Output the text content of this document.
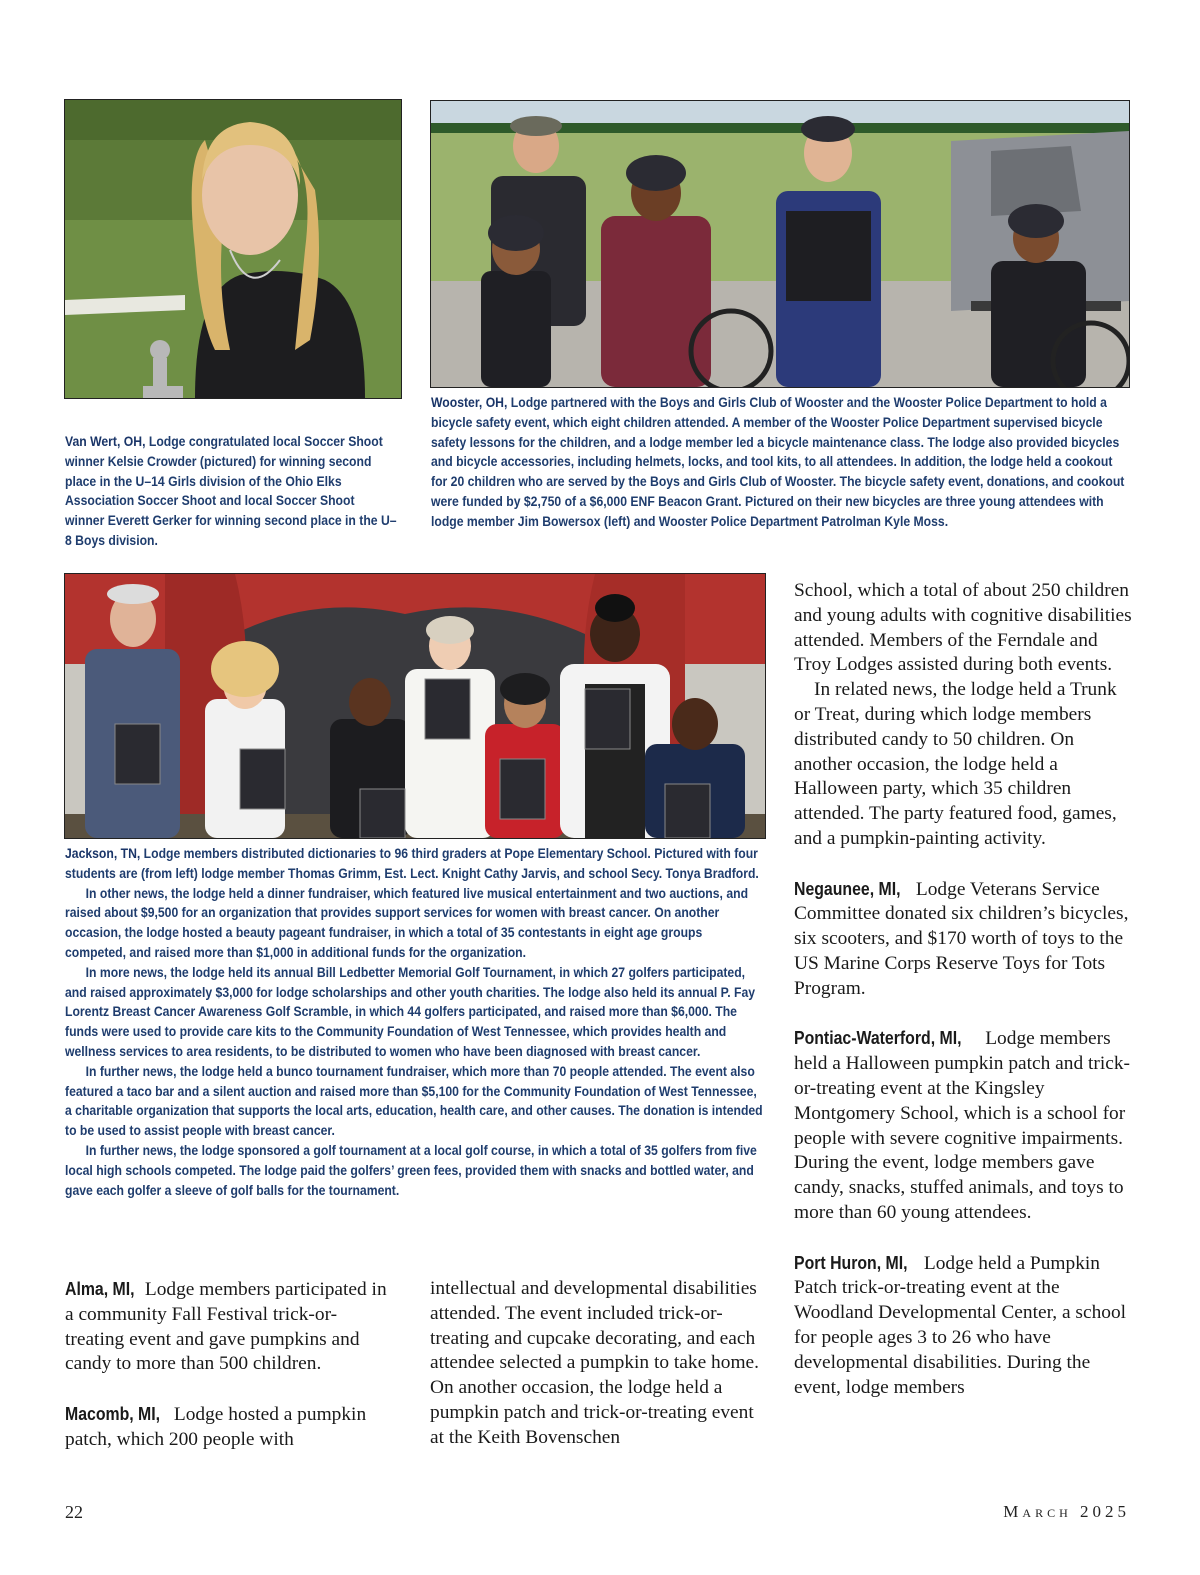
Van Wert, OH, Lodge congratulated local Soccer Shoot winner Kelsie Crowder (pictured) for winning second place in the U–14 Girls division of the Ohio Elks Association Soccer Shoot and local Soccer Shoot winner Everett Gerker for winning second place in the U–8 Boys division.

Wooster, OH, Lodge partnered with the Boys and Girls Club of Wooster and the Wooster Police Department to hold a bicycle safety event, which eight children attended. A member of the Wooster Police Department supervised bicycle safety lessons for the children, and a lodge member led a bicycle maintenance class. The lodge also provided bicycles and bicycle accessories, including helmets, locks, and tool kits, to all attendees. In addition, the lodge held a cookout for 20 children who are served by the Boys and Girls Club of Wooster. The bicycle safety event, donations, and cookout were funded by $2,750 of a $6,000 ENF Beacon Grant. Pictured on their new bicycles are three young attendees with lodge member Jim Bowersox (left) and Wooster Police Department Patrolman Kyle Moss.

Jackson, TN, Lodge members distributed dictionaries to 96 third graders at Pope Elementary School. Pictured with four students are (from left) lodge member Thomas Grimm, Est. Lect. Knight Cathy Jarvis, and school Secy. Tonya Bradford.

In other news, the lodge held a dinner fundraiser, which featured live musical entertainment and two auctions, and raised about $9,500 for an organization that provides support services for women with breast cancer. On another occasion, the lodge hosted a beauty pageant fundraiser, in which a total of 35 contestants in eight age groups competed, and raised more than $1,000 in additional funds for the organization.

In more news, the lodge held its annual Bill Ledbetter Memorial Golf Tournament, in which 27 golfers participated, and raised approximately $3,000 for lodge scholarships and other youth charities. The lodge also held its annual P. Fay Lorentz Breast Cancer Awareness Golf Scramble, in which 44 golfers participated, and raised more than $6,000. The funds were used to provide care kits to the Community Foundation of West Tennessee, which provides health and wellness services to area residents, to be distributed to women who have been diagnosed with breast cancer.

In further news, the lodge held a bunco tournament fundraiser, which more than 70 people attended. The event also featured a taco bar and a silent auction and raised more than $5,100 for the Community Foundation of West Tennessee, a charitable organization that supports the local arts, education, health care, and other causes. The donation is intended to be used to assist people with breast cancer.

In further news, the lodge sponsored a golf tournament at a local golf course, in which a total of 35 golfers from five local high schools competed. The lodge paid the golfers’ green fees, provided them with snacks and bottled water, and gave each golfer a sleeve of golf balls for the tournament.

Alma, MI, Lodge members participated in a community Fall Festival trick-or-treating event and gave pumpkins and candy to more than 500 children.

Macomb, MI, Lodge hosted a pumpkin patch, which 200 people with

intellectual and developmental disabilities attended. The event included trick-or-treating and cupcake decorating, and each attendee selected a pumpkin to take home. On another occasion, the lodge held a pumpkin patch and trick-or-treating event at the Keith Bovenschen

School, which a total of about 250 children and young adults with cognitive disabilities attended. Members of the Ferndale and Troy Lodges assisted during both events.

In related news, the lodge held a Trunk or Treat, during which lodge members distributed candy to 50 children. On another occasion, the lodge held a Halloween party, which 35 children attended. The party featured food, games, and a pumpkin-painting activity.

Negaunee, MI, Lodge Veterans Service Committee donated six children’s bicycles, six scooters, and $170 worth of toys to the US Marine Corps Reserve Toys for Tots Program.

Pontiac-Waterford, MI, Lodge members held a Halloween pumpkin patch and trick-or-treating event at the Kingsley Montgomery School, which is a school for people with severe cognitive impairments. During the event, lodge members gave candy, snacks, stuffed animals, and toys to more than 60 young attendees.

Port Huron, MI, Lodge held a Pumpkin Patch trick-or-treating event at the Woodland Developmental Center, a school for people ages 3 to 26 who have developmental disabilities. During the event, lodge members

22	March 2025
